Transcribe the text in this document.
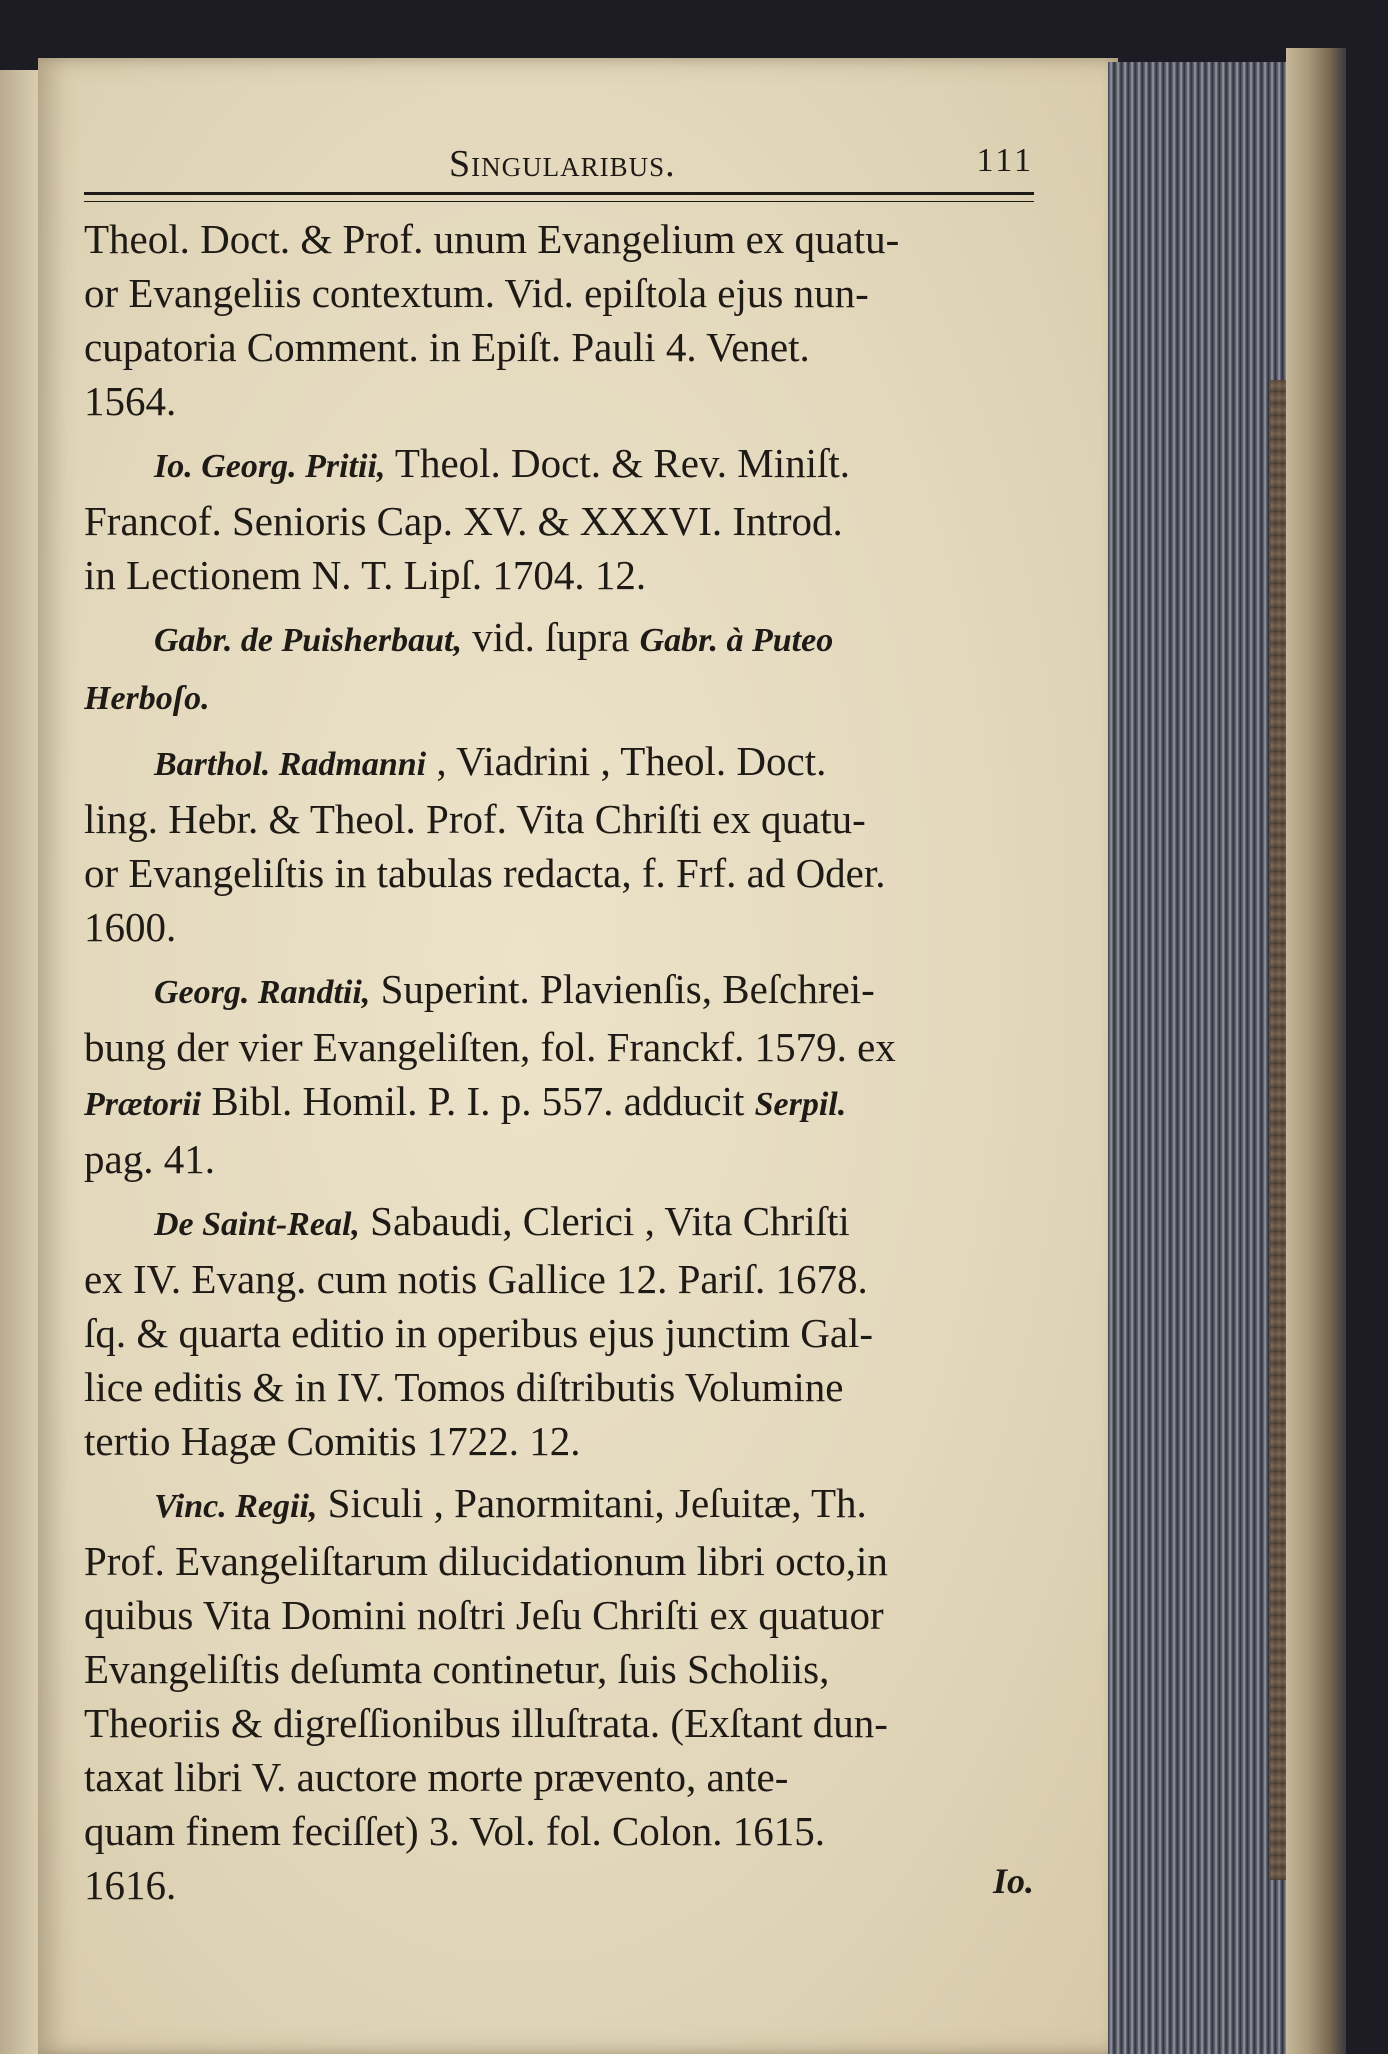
Singularibus.	111
Theol. Doct. & Prof. unum Evangelium ex quatu-
or Evangeliis contextum. Vid. epiſtola ejus nun-
cupatoria Comment. in Epiſt. Pauli 4. Venet.
1564.
Io. Georg. Pritii, Theol. Doct. & Rev. Miniſt.
Francof. Senioris Cap. XV. & XXXVI. Introd.
in Lectionem N. T. Lipſ. 1704. 12.
Gabr. de Puisherbaut, vid. ſupra Gabr. à Puteo
Herboſo.
Barthol. Radmanni , Viadrini , Theol. Doct.
ling. Hebr. & Theol. Prof. Vita Chriſti ex quatu-
or Evangeliſtis in tabulas redacta, f. Frf. ad Oder.
1600.
Georg. Randtii, Superint. Plavienſis, Beſchrei-
bung der vier Evangeliſten, fol. Franckf. 1579. ex
Prætorii Bibl. Homil. P. I. p. 557. adducit Serpil.
pag. 41.
De Saint-Real, Sabaudi, Clerici , Vita Chriſti
ex IV. Evang. cum notis Gallice 12. Pariſ. 1678.
ſq. & quarta editio in operibus ejus junctim Gal-
lice editis & in IV. Tomos diſtributis Volumine
tertio Hagæ Comitis 1722. 12.
Vinc. Regii, Siculi , Panormitani, Jeſuitæ, Th.
Prof. Evangeliſtarum dilucidationum libri octo,in
quibus Vita Domini noſtri Jeſu Chriſti ex quatuor
Evangeliſtis deſumta continetur, ſuis Scholiis,
Theoriis & digreſſionibus illuſtrata. (Exſtant dun-
taxat libri V. auctore morte prævento, ante-
quam finem feciſſet) 3. Vol. fol. Colon. 1615.
1616.	Io.
